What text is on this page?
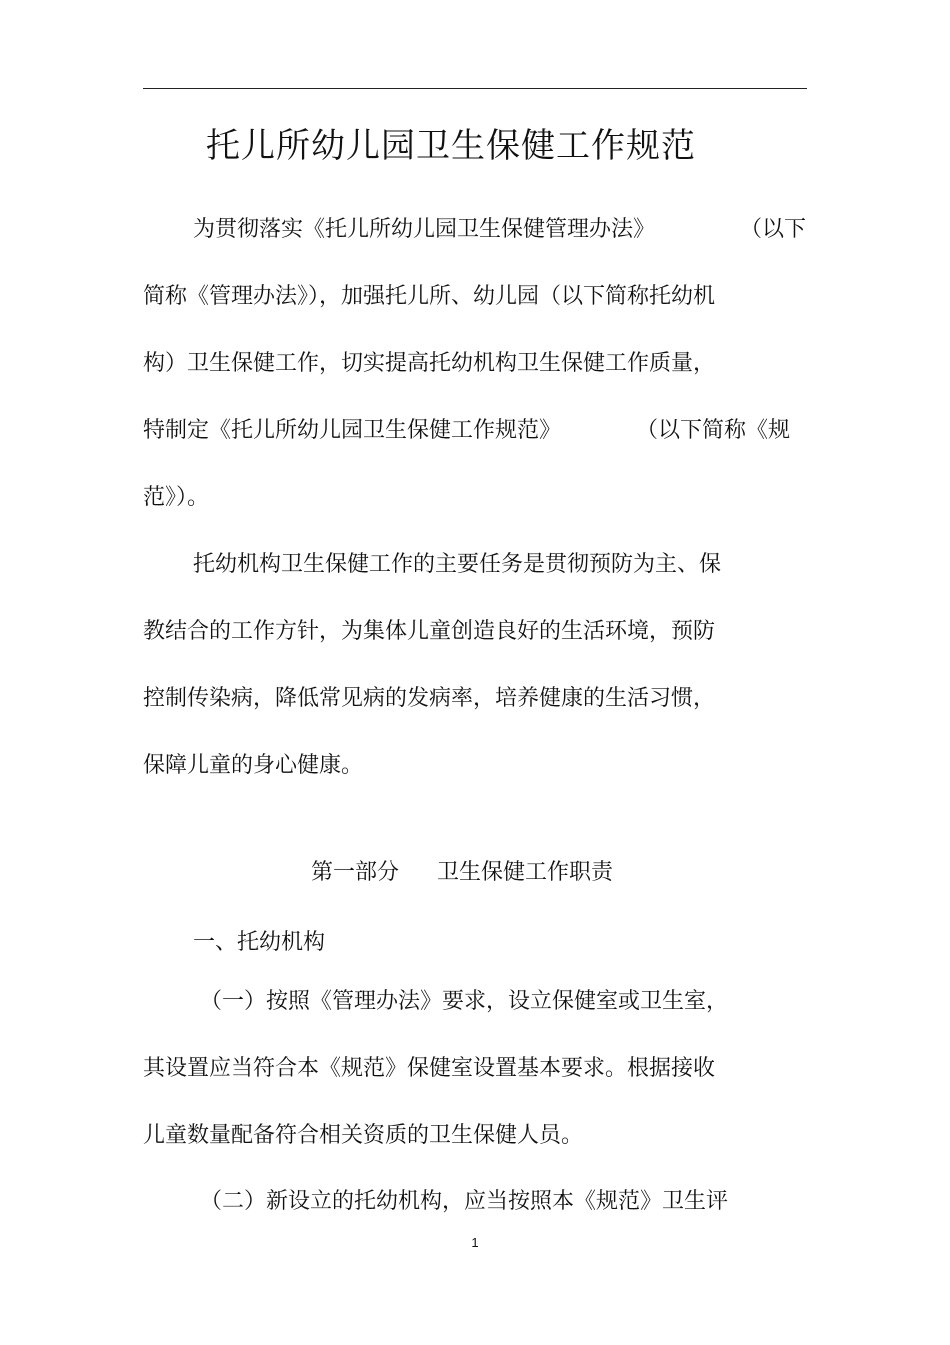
托儿所幼儿园卫生保健工作规范
为贯彻落实《托儿所幼儿园卫生保健管理办法》	（以下
简称《管理办法》），加强托儿所、幼儿园（以下简称托幼机
构）卫生保健工作，切实提高托幼机构卫生保健工作质量，
特制定《托儿所幼儿园卫生保健工作规范》	（以下简称《规
范》）。
托幼机构卫生保健工作的主要任务是贯彻预防为主、保
教结合的工作方针，为集体儿童创造良好的生活环境，预防
控制传染病，降低常见病的发病率，培养健康的生活习惯，
保障儿童的身心健康。
第一部分 卫生保健工作职责
一、托幼机构
（一）按照《管理办法》要求，设立保健室或卫生室，
其设置应当符合本《规范》保健室设置基本要求。根据接收
儿童数量配备符合相关资质的卫生保健人员。
（二）新设立的托幼机构，应当按照本《规范》卫生评
1
